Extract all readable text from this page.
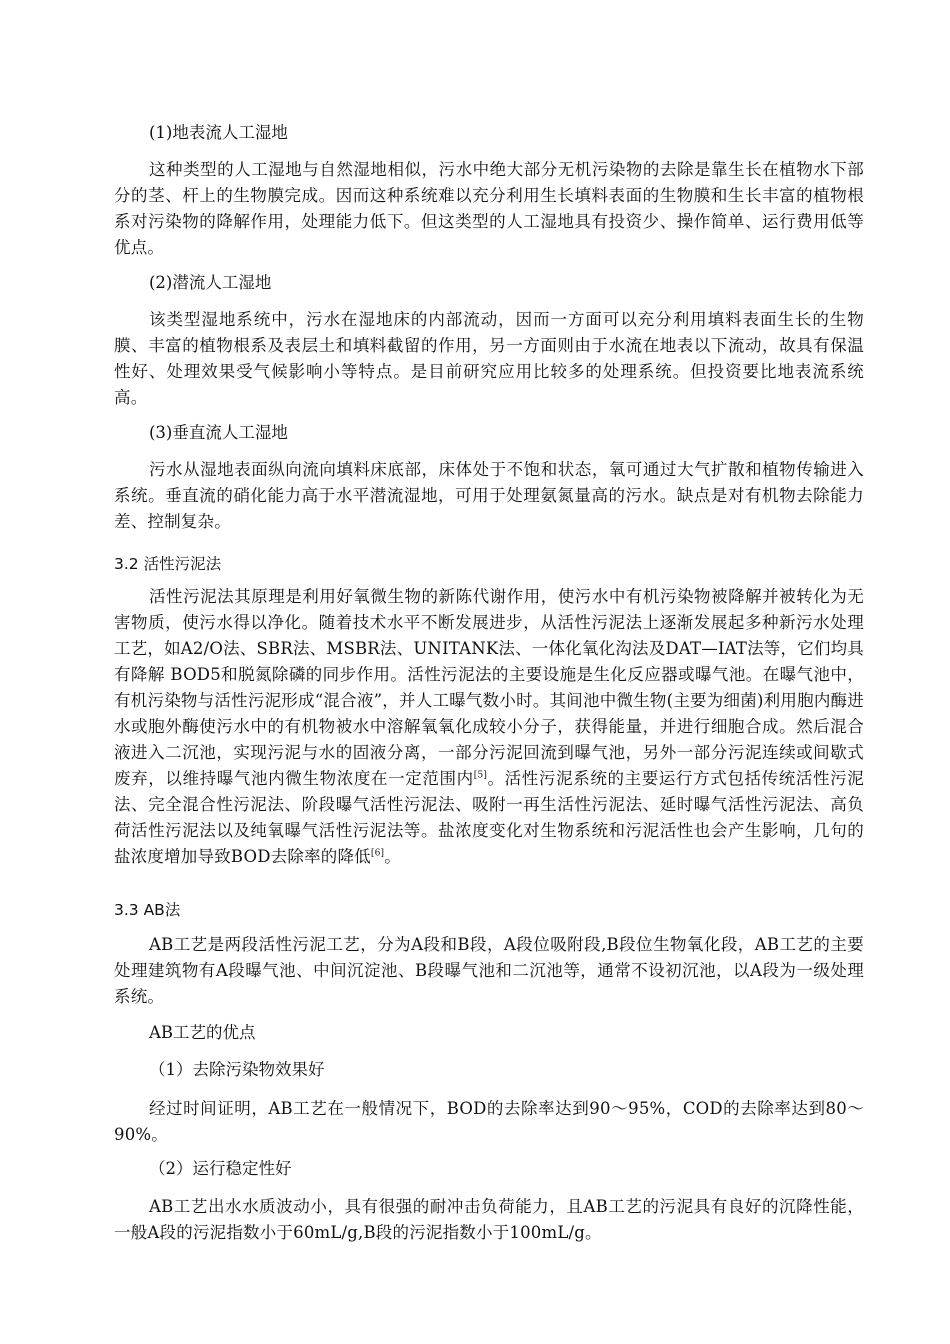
(1)地表流人工湿地

这种类型的人工湿地与自然湿地相似，污水中绝大部分无机污染物的去除是靠生长在植物水下部分的茎、杆上的生物膜完成。因而这种系统难以充分利用生长填料表面的生物膜和生长丰富的植物根系对污染物的降解作用，处理能力低下。但这类型的人工湿地具有投资少、操作简单、运行费用低等优点。

(2)潜流人工湿地

该类型湿地系统中，污水在湿地床的内部流动，因而一方面可以充分利用填料表面生长的生物膜、丰富的植物根系及表层土和填料截留的作用，另一方面则由于水流在地表以下流动，故具有保温性好、处理效果受气候影响小等特点。是目前研究应用比较多的处理系统。但投资要比地表流系统高。

(3)垂直流人工湿地

污水从湿地表面纵向流向填料床底部，床体处于不饱和状态，氧可通过大气扩散和植物传输进入系统。垂直流的硝化能力高于水平潜流湿地，可用于处理氨氮量高的污水。缺点是对有机物去除能力差、控制复杂。

3.2 活性污泥法

活性污泥法其原理是利用好氧微生物的新陈代谢作用，使污水中有机污染物被降解并被转化为无害物质，使污水得以净化。随着技术水平不断发展进步，从活性污泥法上逐渐发展起多种新污水处理工艺，如A2/O法、SBR法、MSBR法、UNITANK法、一体化氧化沟法及DAT—IAT法等，它们均具有降解 BOD5和脱氮除磷的同步作用。活性污泥法的主要设施是生化反应器或曝气池。在曝气池中，有机污染物与活性污泥形成“混合液”，并人工曝气数小时。其间池中微生物(主要为细菌)利用胞内酶进水或胞外酶使污水中的有机物被水中溶解氧氧化成较小分子，获得能量，并进行细胞合成。然后混合液进入二沉池，实现污泥与水的固液分离，一部分污泥回流到曝气池，另外一部分污泥连续或间歇式废弃，以维持曝气池内微生物浓度在一定范围内[5]。活性污泥系统的主要运行方式包括传统活性污泥法、完全混合性污泥法、阶段曝气活性污泥法、吸附一再生活性污泥法、延时曝气活性污泥法、高负荷活性污泥法以及纯氧曝气活性污泥法等。盐浓度变化对生物系统和污泥活性也会产生影响，几句的盐浓度增加导致BOD去除率的降低[6]。

3.3 AB法

AB工艺是两段活性污泥工艺，分为A段和B段，A段位吸附段,B段位生物氧化段，AB工艺的主要处理建筑物有A段曝气池、中间沉淀池、B段曝气池和二沉池等，通常不设初沉池，以A段为一级处理系统。

AB工艺的优点

（1）去除污染物效果好

经过时间证明，AB工艺在一般情况下，BOD的去除率达到90～95%，COD的去除率达到80～90%。

（2）运行稳定性好

AB工艺出水水质波动小，具有很强的耐冲击负荷能力，且AB工艺的污泥具有良好的沉降性能，一般A段的污泥指数小于60mL/g,B段的污泥指数小于100mL/g。
